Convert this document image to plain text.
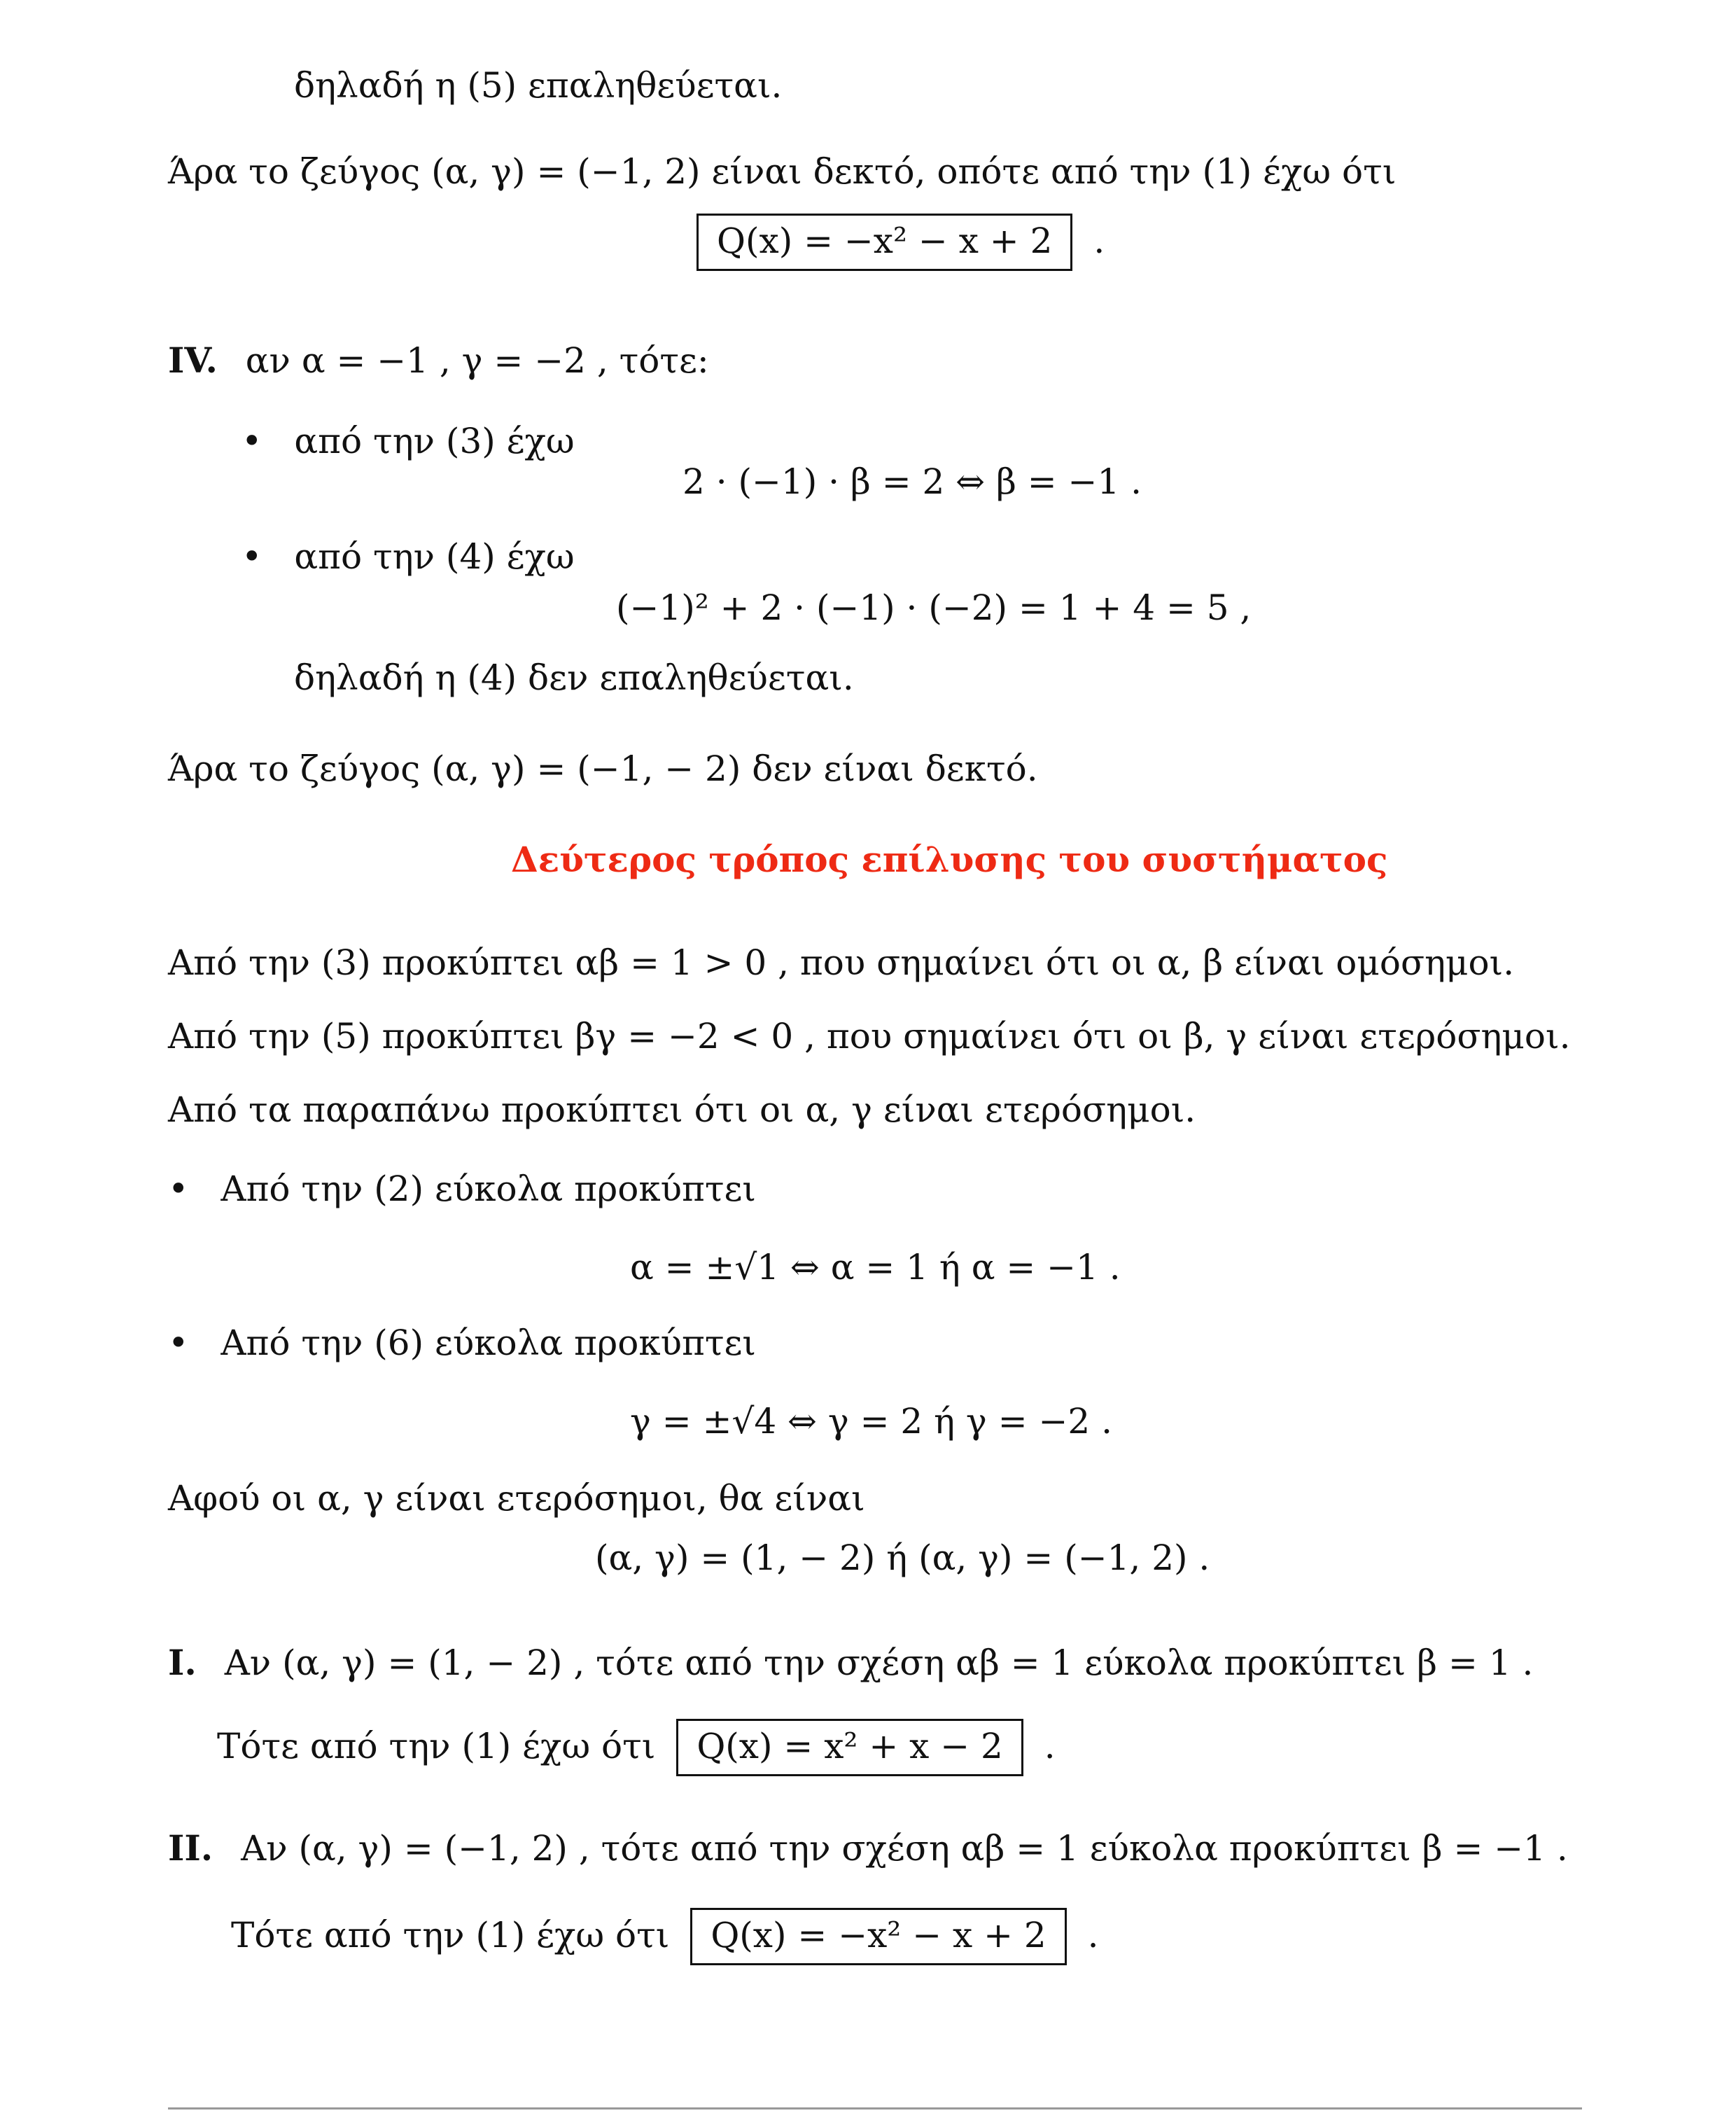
δηλαδή η (5) επαληθεύεται.
Άρα το ζεύγος (α, γ) = (−1, 2) είναι δεκτό, οπότε από την (1) έχω ότι
Q(x) = −x² − x + 2 .
IV. αν α = −1 , γ = −2 , τότε:
• από την (3) έχω
2 · (−1) · β = 2 ⇔ β = −1 .
• από την (4) έχω
(−1)² + 2 · (−1) · (−2) = 1 + 4 = 5 ,
δηλαδή η (4) δεν επαληθεύεται.
Άρα το ζεύγος (α, γ) = (−1, − 2) δεν είναι δεκτό.
Δεύτερος τρόπος επίλυσης του συστήματος
Από την (3) προκύπτει αβ = 1 > 0 , που σημαίνει ότι οι α, β είναι ομόσημοι.
Από την (5) προκύπτει βγ = −2 < 0 , που σημαίνει ότι οι β, γ είναι ετερόσημοι.
Από τα παραπάνω προκύπτει ότι οι α, γ είναι ετερόσημοι.
• Από την (2) εύκολα προκύπτει
α = ±√1 ⇔ α = 1 ή α = −1 .
• Από την (6) εύκολα προκύπτει
γ = ±√4 ⇔ γ = 2 ή γ = −2 .
Αφού οι α, γ είναι ετερόσημοι, θα είναι
(α, γ) = (1, − 2) ή (α, γ) = (−1, 2) .
I. Αν (α, γ) = (1, − 2) , τότε από την σχέση αβ = 1 εύκολα προκύπτει β = 1 .
Τότε από την (1) έχω ότι Q(x) = x² + x − 2 .
II. Αν (α, γ) = (−1, 2) , τότε από την σχέση αβ = 1 εύκολα προκύπτει β = −1 .
Τότε από την (1) έχω ότι Q(x) = −x² − x + 2 .
